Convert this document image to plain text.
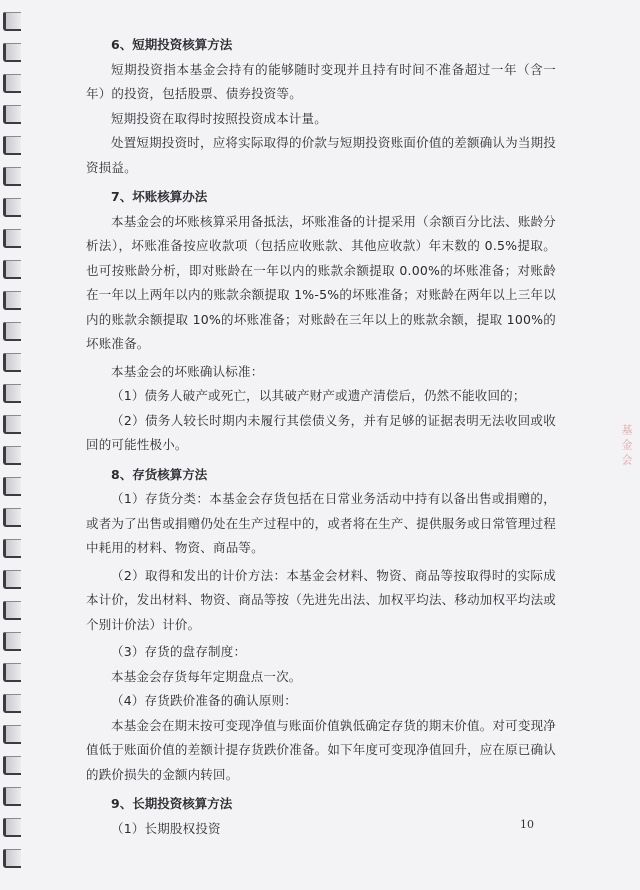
6、短期投资核算方法

短期投资指本基金会持有的能够随时变现并且持有时间不准备超过一年（含一年）的投资，包括股票、债券投资等。

短期投资在取得时按照投资成本计量。

处置短期投资时，应将实际取得的价款与短期投资账面价值的差额确认为当期投资损益。

7、坏账核算办法

本基金会的坏账核算采用备抵法，坏账准备的计提采用（余额百分比法、账龄分析法），坏账准备按应收款项（包括应收账款、其他应收款）年末数的 0.5%提取。也可按账龄分析，即对账龄在一年以内的账款余额提取 0.00%的坏账准备；对账龄在一年以上两年以内的账款余额提取 1%-5%的坏账准备；对账龄在两年以上三年以内的账款余额提取 10%的坏账准备；对账龄在三年以上的账款余额，提取 100%的坏账准备。

本基金会的坏账确认标准：

（1）债务人破产或死亡，以其破产财产或遗产清偿后，仍然不能收回的；

（2）债务人较长时期内未履行其偿债义务，并有足够的证据表明无法收回或收回的可能性极小。

8、存货核算方法

（1）存货分类：本基金会存货包括在日常业务活动中持有以备出售或捐赠的，或者为了出售或捐赠仍处在生产过程中的，或者将在生产、提供服务或日常管理过程中耗用的材料、物资、商品等。

（2）取得和发出的计价方法：本基金会材料、物资、商品等按取得时的实际成本计价，发出材料、物资、商品等按（先进先出法、加权平均法、移动加权平均法或个别计价法）计价。

（3）存货的盘存制度：

本基金会存货每年定期盘点一次。

（4）存货跌价准备的确认原则：

本基金会在期末按可变现净值与账面价值孰低确定存货的期末价值。对可变现净值低于账面价值的差额计提存货跌价准备。如下年度可变现净值回升，应在原已确认的跌价损失的金额内转回。

9、长期投资核算方法

（1）长期股权投资

基金会
10
